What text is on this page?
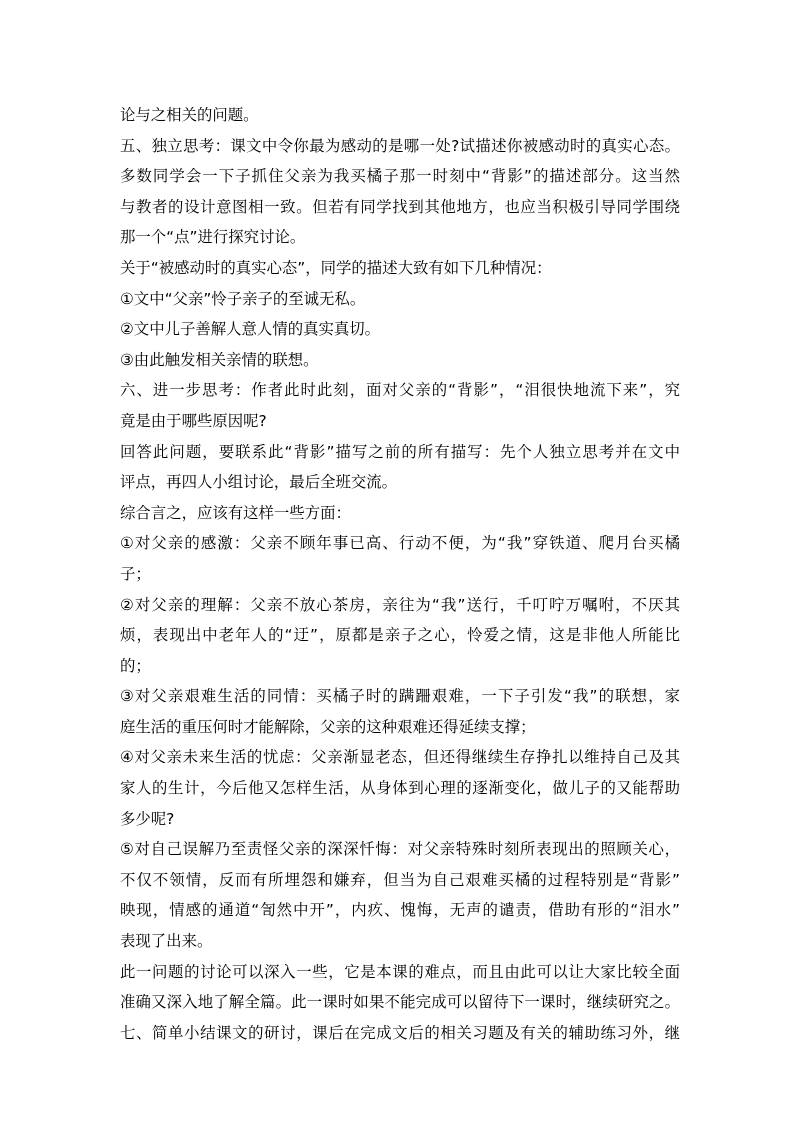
论与之相关的问题。
五、独立思考：课文中令你最为感动的是哪一处?试描述你被感动时的真实心态。
多数同学会一下子抓住父亲为我买橘子那一时刻中“背影”的描述部分。这当然
与教者的设计意图相一致。但若有同学找到其他地方，也应当积极引导同学围绕
那一个“点”进行探究讨论。
关于“被感动时的真实心态”，同学的描述大致有如下几种情况：
①文中“父亲”怜子亲子的至诚无私。
②文中儿子善解人意人情的真实真切。
③由此触发相关亲情的联想。
六、进一步思考：作者此时此刻，面对父亲的“背影”，“泪很快地流下来”，究
竟是由于哪些原因呢?
回答此问题，要联系此“背影”描写之前的所有描写：先个人独立思考并在文中
评点，再四人小组讨论，最后全班交流。
综合言之，应该有这样一些方面：
①对父亲的感激：父亲不顾年事已高、行动不便，为“我”穿铁道、爬月台买橘
子；
②对父亲的理解：父亲不放心茶房，亲往为“我”送行，千叮咛万嘱咐，不厌其
烦，表现出中老年人的“迂”，原都是亲子之心，怜爱之情，这是非他人所能比
的；
③对父亲艰难生活的同情：买橘子时的蹒跚艰难，一下子引发“我”的联想，家
庭生活的重压何时才能解除，父亲的这种艰难还得延续支撑；
④对父亲未来生活的忧虑：父亲渐显老态，但还得继续生存挣扎以维持自己及其
家人的生计，今后他又怎样生活，从身体到心理的逐渐变化，做儿子的又能帮助
多少呢?
⑤对自己误解乃至责怪父亲的深深忏悔：对父亲特殊时刻所表现出的照顾关心，
不仅不领情，反而有所埋怨和嫌弃，但当为自己艰难买橘的过程特别是“背影”
映现，情感的通道“訇然中开”，内疚、愧悔，无声的谴责，借助有形的“泪水”
表现了出来。
此一问题的讨论可以深入一些，它是本课的难点，而且由此可以让大家比较全面
准确又深入地了解全篇。此一课时如果不能完成可以留待下一课时，继续研究之。
七、简单小结课文的研讨，课后在完成文后的相关习题及有关的辅助练习外，继
